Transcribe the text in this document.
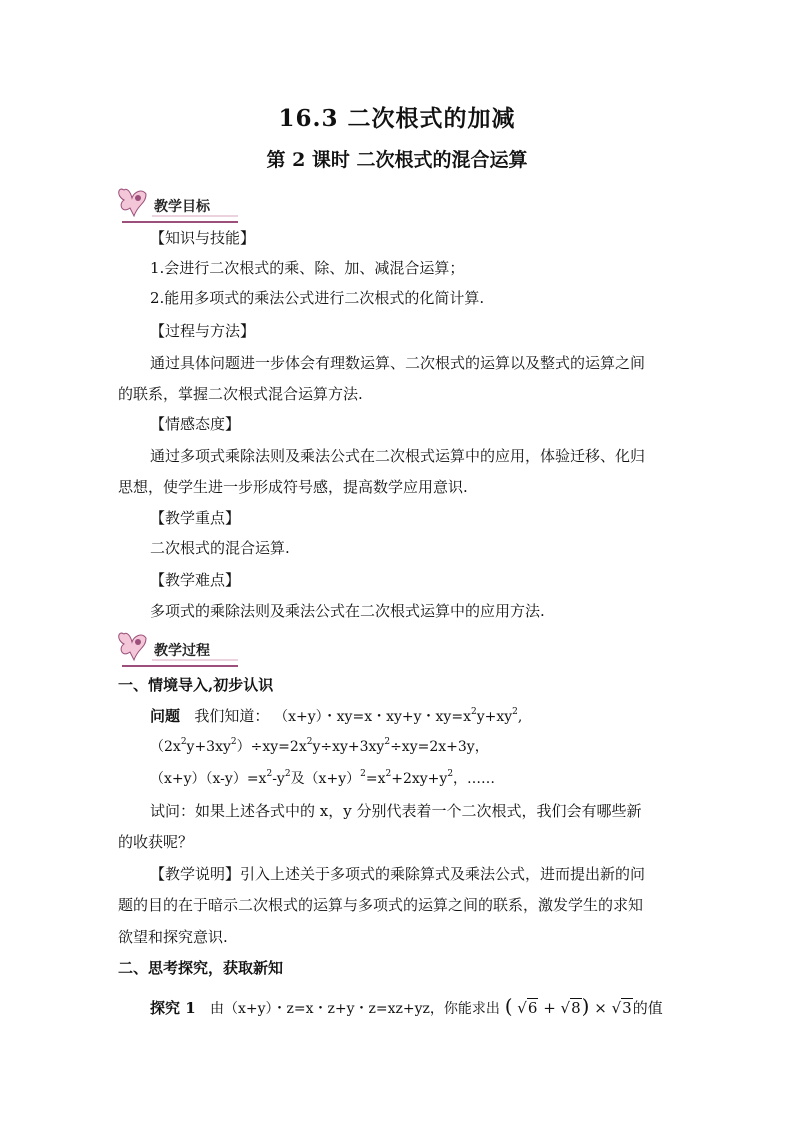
16.3 二次根式的加减
第 2 课时 二次根式的混合运算
教学目标
【知识与技能】
1.会进行二次根式的乘、除、加、减混合运算；
2.能用多项式的乘法公式进行二次根式的化简计算.
【过程与方法】
通过具体问题进一步体会有理数运算、二次根式的运算以及整式的运算之间
的联系，掌握二次根式混合运算方法.
【情感态度】
通过多项式乘除法则及乘法公式在二次根式运算中的应用，体验迁移、化归
思想，使学生进一步形成符号感，提高数学应用意识.
【教学重点】
二次根式的混合运算.
【教学难点】
多项式的乘除法则及乘法公式在二次根式运算中的应用方法.
教学过程
一、情境导入,初步认识
问题 我们知道： （x+y）・xy=x・xy+y・$xy=x^2y+xy^2$,
$(2x^2y+3xy^2)\div xy=2x^2y\div xy+3xy^2\div xy=2x+3y$，
$(x+y)(x-y)=x^2-y^2$及$(x+y)^2=x^2+2xy+y^2$，……
试问：如果上述各式中的 x，y 分别代表着一个二次根式，我们会有哪些新
的收获呢？
【教学说明】引入上述关于多项式的乘除算式及乘法公式，进而提出新的问
题的目的在于暗示二次根式的运算与多项式的运算之间的联系，激发学生的求知
欲望和探究意识.
二、思考探究，获取新知
探究 1 由（x+y）・z=x・z+y・z=xz+yz，你能求出 ( √6 + √8) × √3的值
